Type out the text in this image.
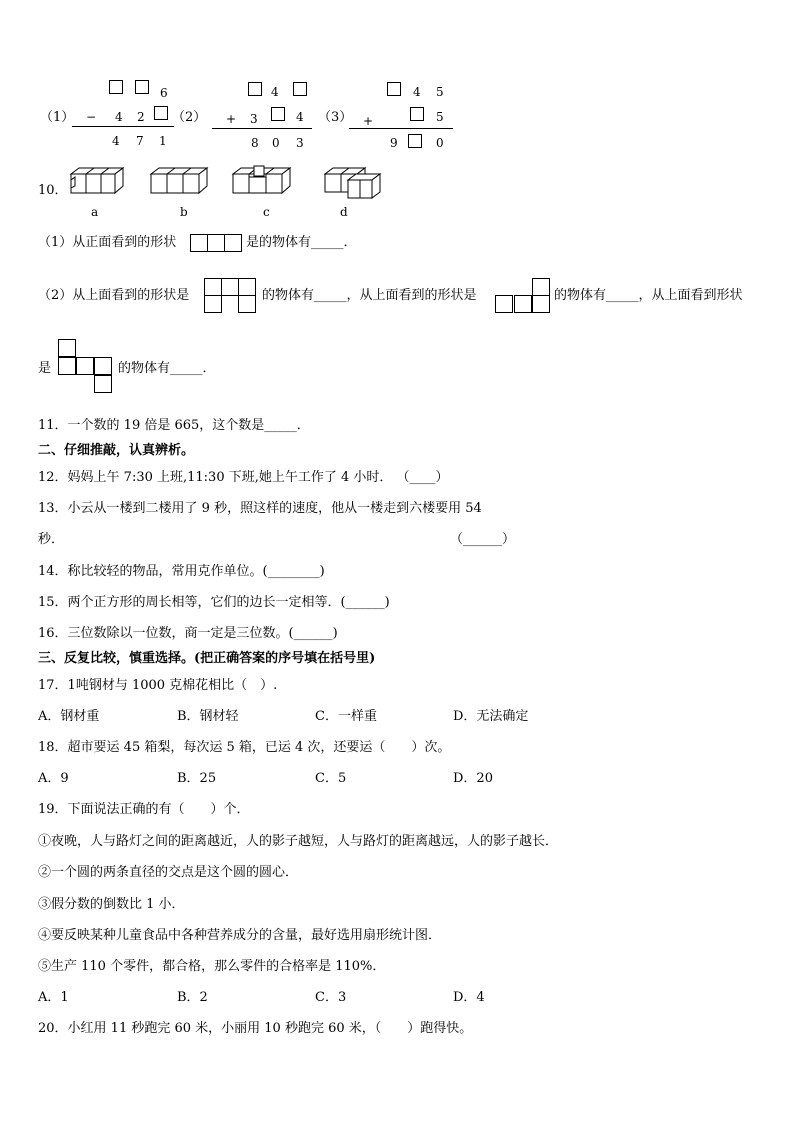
（1）
6
− 4 2
4 7 1
（2）
4
+ 3	4
8 0 3
（3）
4 5
+	5
9	0
10．
a	b	c	d
（1）从正面看到的形状	是的物体有_____．
（2）从上面看到的形状是	的物体有_____，从上面看到的形状是	的物体有_____，从上面看到形状
是	的物体有_____．
11．一个数的 19 倍是 665，这个数是_____．
二、仔细推敲，认真辨析。
12．妈妈上午 7:30 上班,11:30 下班,她上午工作了 4 小时． （____）
13．小云从一楼到二楼用了 9 秒，照这样的速度，他从一楼走到六楼要用 54
秒．	（______）
14．称比较轻的物品，常用克作单位。(________)
15．两个正方形的周长相等，它们的边长一定相等．(______)
16．三位数除以一位数，商一定是三位数。(______)
三、反复比较，慎重选择。(把正确答案的序号填在括号里)
17．1吨钢材与 1000 克棉花相比（　）.
A．钢材重	B．钢材轻	C．一样重	D．无法确定
18．超市要运 45 箱梨，每次运 5 箱，已运 4 次，还要运（　　）次。
A．9	B．25	C．5	D．20
19．下面说法正确的有（　　）个．
①夜晚，人与路灯之间的距离越近，人的影子越短，人与路灯的距离越远，人的影子越长．
②一个圆的两条直径的交点是这个圆的圆心．
③假分数的倒数比 1 小．
④要反映某种儿童食品中各种营养成分的含量，最好选用扇形统计图．
⑤生产 110 个零件，都合格，那么零件的合格率是 110%．
A．1	B．2	C．3	D．4
20．小红用 11 秒跑完 60 米，小丽用 10 秒跑完 60 米，（　　）跑得快。
